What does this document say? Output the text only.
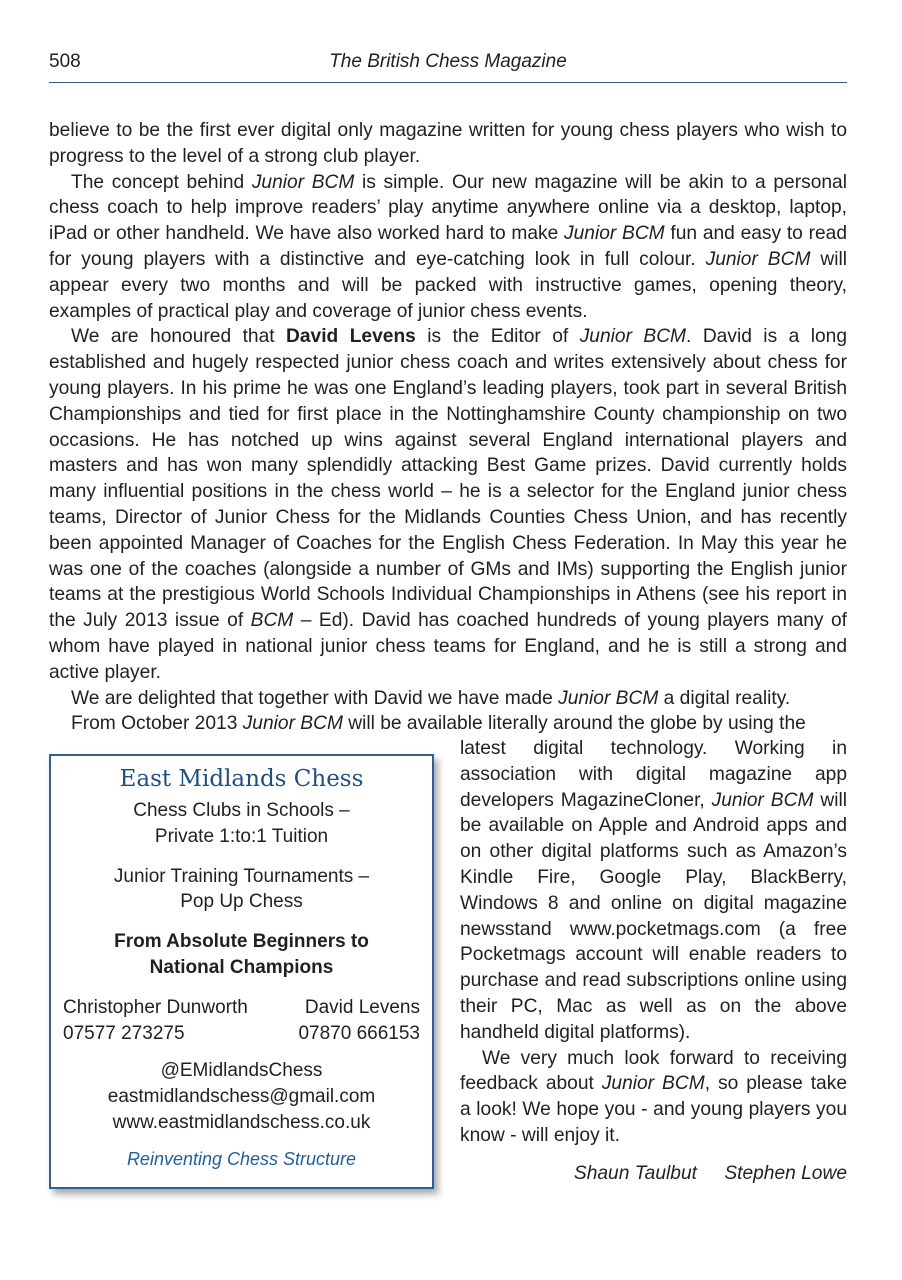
508	The British Chess Magazine

believe to be the first ever digital only magazine written for young chess players who wish to progress to the level of a strong club player.

The concept behind Junior BCM is simple. Our new magazine will be akin to a personal chess coach to help improve readers’ play anytime anywhere online via a desktop, laptop, iPad or other handheld. We have also worked hard to make Junior BCM fun and easy to read for young players with a distinctive and eye-catching look in full colour. Junior BCM will appear every two months and will be packed with instructive games, opening theory, examples of practical play and coverage of junior chess events.

We are honoured that David Levens is the Editor of Junior BCM. David is a long established and hugely respected junior chess coach and writes extensively about chess for young players. In his prime he was one England’s leading players, took part in several British Championships and tied for first place in the Nottinghamshire County championship on two occasions. He has notched up wins against several England international players and masters and has won many splendidly attacking Best Game prizes. David currently holds many influential positions in the chess world – he is a selector for the England junior chess teams, Director of Junior Chess for the Midlands Counties Chess Union, and has recently been appointed Manager of Coaches for the English Chess Federation. In May this year he was one of the coaches (alongside a number of GMs and IMs) supporting the English junior teams at the prestigious World Schools Individual Championships in Athens (see his report in the July 2013 issue of BCM – Ed). David has coached hundreds of young players many of whom have played in national junior chess teams for England, and he is still a strong and active player.

We are delighted that together with David we have made Junior BCM a digital reality.

From October 2013 Junior BCM will be available literally around the globe by using the

East Midlands Chess
Chess Clubs in Schools –
Private 1:to:1 Tuition
Junior Training Tournaments –
Pop Up Chess
From Absolute Beginners to
National Champions
Christopher Dunworth
07577 273275
David Levens
07870 666153
@EMidlandsChess
eastmidlandschess@gmail.com
www.eastmidlandschess.co.uk
Reinventing Chess Structure

latest digital technology. Working in association with digital magazine app developers MagazineCloner, Junior BCM will be available on Apple and Android apps and on other digital platforms such as Amazon’s Kindle Fire, Google Play, BlackBerry, Windows 8 and online on digital magazine newsstand www.pocketmags.com (a free Pocketmags account will enable readers to purchase and read subscriptions online using their PC, Mac as well as on the above handheld digital platforms).

We very much look forward to receiving feedback about Junior BCM, so please take a look! We hope you - and young players you know - will enjoy it.

Shaun Taulbut Stephen Lowe
